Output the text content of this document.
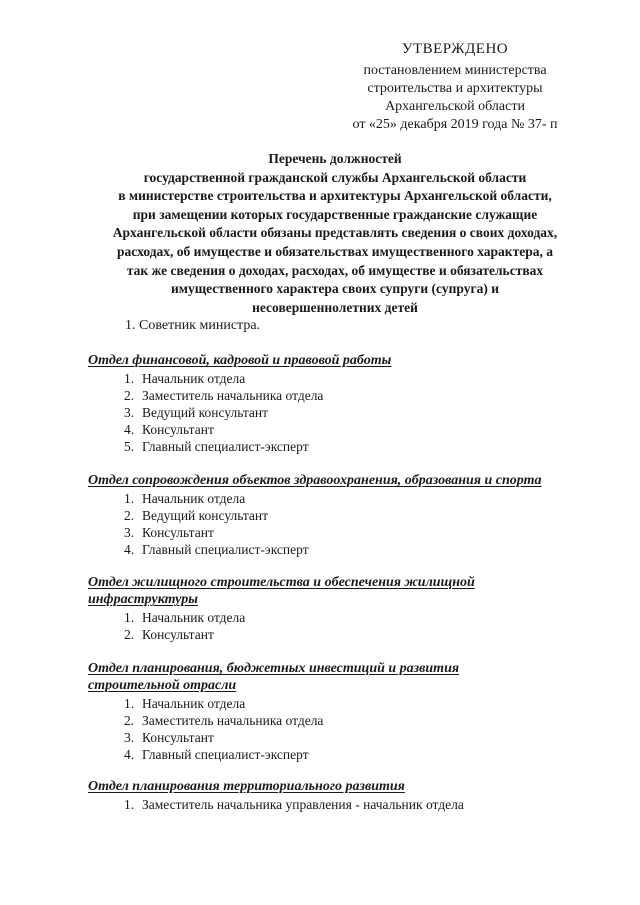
УТВЕРЖДЕНО
постановлением министерства
строительства и архитектуры
Архангельской области
от «25» декабря 2019 года № 37- п
Перечень должностей
государственной гражданской службы Архангельской области
в министерстве строительства и архитектуры Архангельской области,
при замещении которых государственные гражданские служащие
Архангельской области обязаны представлять сведения о своих доходах,
расходах, об имуществе и обязательствах имущественного характера, а
так же сведения о доходах, расходах, об имуществе и обязательствах
имущественного характера своих супруги (супруга) и
несовершеннолетних детей
1. Советник министра.
Отдел финансовой, кадровой и правовой работы
1. Начальник отдела
2. Заместитель начальника отдела
3. Ведущий консультант
4. Консультант
5. Главный специалист-эксперт
Отдел сопровождения объектов здравоохранения, образования и спорта
1. Начальник отдела
2. Ведущий консультант
3. Консультант
4. Главный специалист-эксперт
Отдел жилищного строительства и обеспечения жилищной
инфраструктуры
1. Начальник отдела
2. Консультант
Отдел планирования, бюджетных инвестиций и развития
строительной отрасли
1. Начальник отдела
2. Заместитель начальника отдела
3. Консультант
4. Главный специалист-эксперт
Отдел планирования территориального развития
1. Заместитель начальника управления - начальник отдела
